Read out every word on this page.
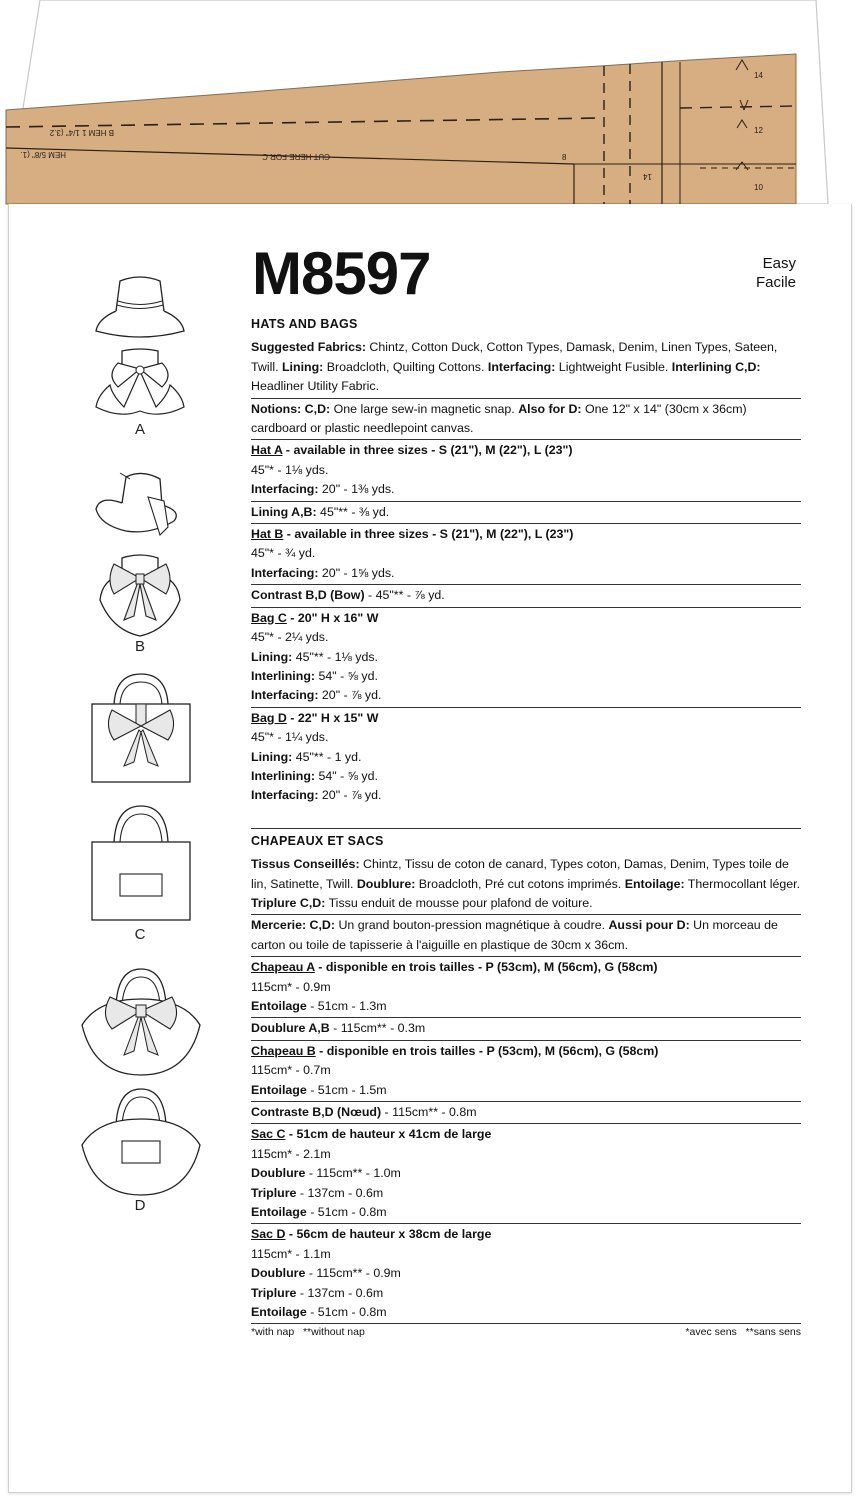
B HEM 1 1/4" (3.2
HEM 5/8" (1.	CUT HERE FOR C	8
14
14
12
10
A
B
C
D
M8597	Easy
Facile
HATS AND BAGS
Suggested Fabrics: Chintz, Cotton Duck, Cotton Types, Damask, Denim, Linen Types, Sateen, Twill. Lining: Broadcloth, Quilting Cottons. Interfacing: Lightweight Fusible. Interlining C,D: Headliner Utility Fabric.
Notions: C,D: One large sew-in magnetic snap. Also for D: One 12" x 14" (30cm x 36cm) cardboard or plastic needlepoint canvas.
Hat A - available in three sizes - S (21"), M (22"), L (23")
45"* - 1⅛ yds.
Interfacing: 20" - 1⅜ yds.
Lining A,B: 45"** - ⅜ yd.
Hat B - available in three sizes - S (21"), M (22"), L (23")
45"* - ¾ yd.
Interfacing: 20" - 1⅝ yds.
Contrast B,D (Bow) - 45"** - ⅞ yd.
Bag C - 20" H x 16" W
45"* - 2¼ yds.
Lining: 45"** - 1⅛ yds.
Interlining: 54" - ⅝ yd.
Interfacing: 20" - ⅞ yd.
Bag D - 22" H x 15" W
45"* - 1¼ yds.
Lining: 45"** - 1 yd.
Interlining: 54" - ⅝ yd.
Interfacing: 20" - ⅞ yd.
CHAPEAUX ET SACS
Tissus Conseillés: Chintz, Tissu de coton de canard, Types coton, Damas, Denim, Types toile de lin, Satinette, Twill. Doublure: Broadcloth, Pré cut cotons imprimés. Entoilage: Thermocollant léger. Triplure C,D: Tissu enduit de mousse pour plafond de voiture.
Mercerie: C,D: Un grand bouton-pression magnétique à coudre. Aussi pour D: Un morceau de carton ou toile de tapisserie à l'aiguille en plastique de 30cm x 36cm.
Chapeau A - disponible en trois tailles - P (53cm), M (56cm), G (58cm)
115cm* - 0.9m
Entoilage - 51cm - 1.3m
Doublure A,B - 115cm** - 0.3m
Chapeau B - disponible en trois tailles - P (53cm), M (56cm), G (58cm)
115cm* - 0.7m
Entoilage - 51cm - 1.5m
Contraste B,D (Nœud) - 115cm** - 0.8m
Sac C - 51cm de hauteur x 41cm de large
115cm* - 2.1m
Doublure - 115cm** - 1.0m
Triplure - 137cm - 0.6m
Entoilage - 51cm - 0.8m
Sac D - 56cm de hauteur x 38cm de large
115cm* - 1.1m
Doublure - 115cm** - 0.9m
Triplure - 137cm - 0.6m
Entoilage - 51cm - 0.8m
*with nap   **without nap	*avec sens   **sans sens
